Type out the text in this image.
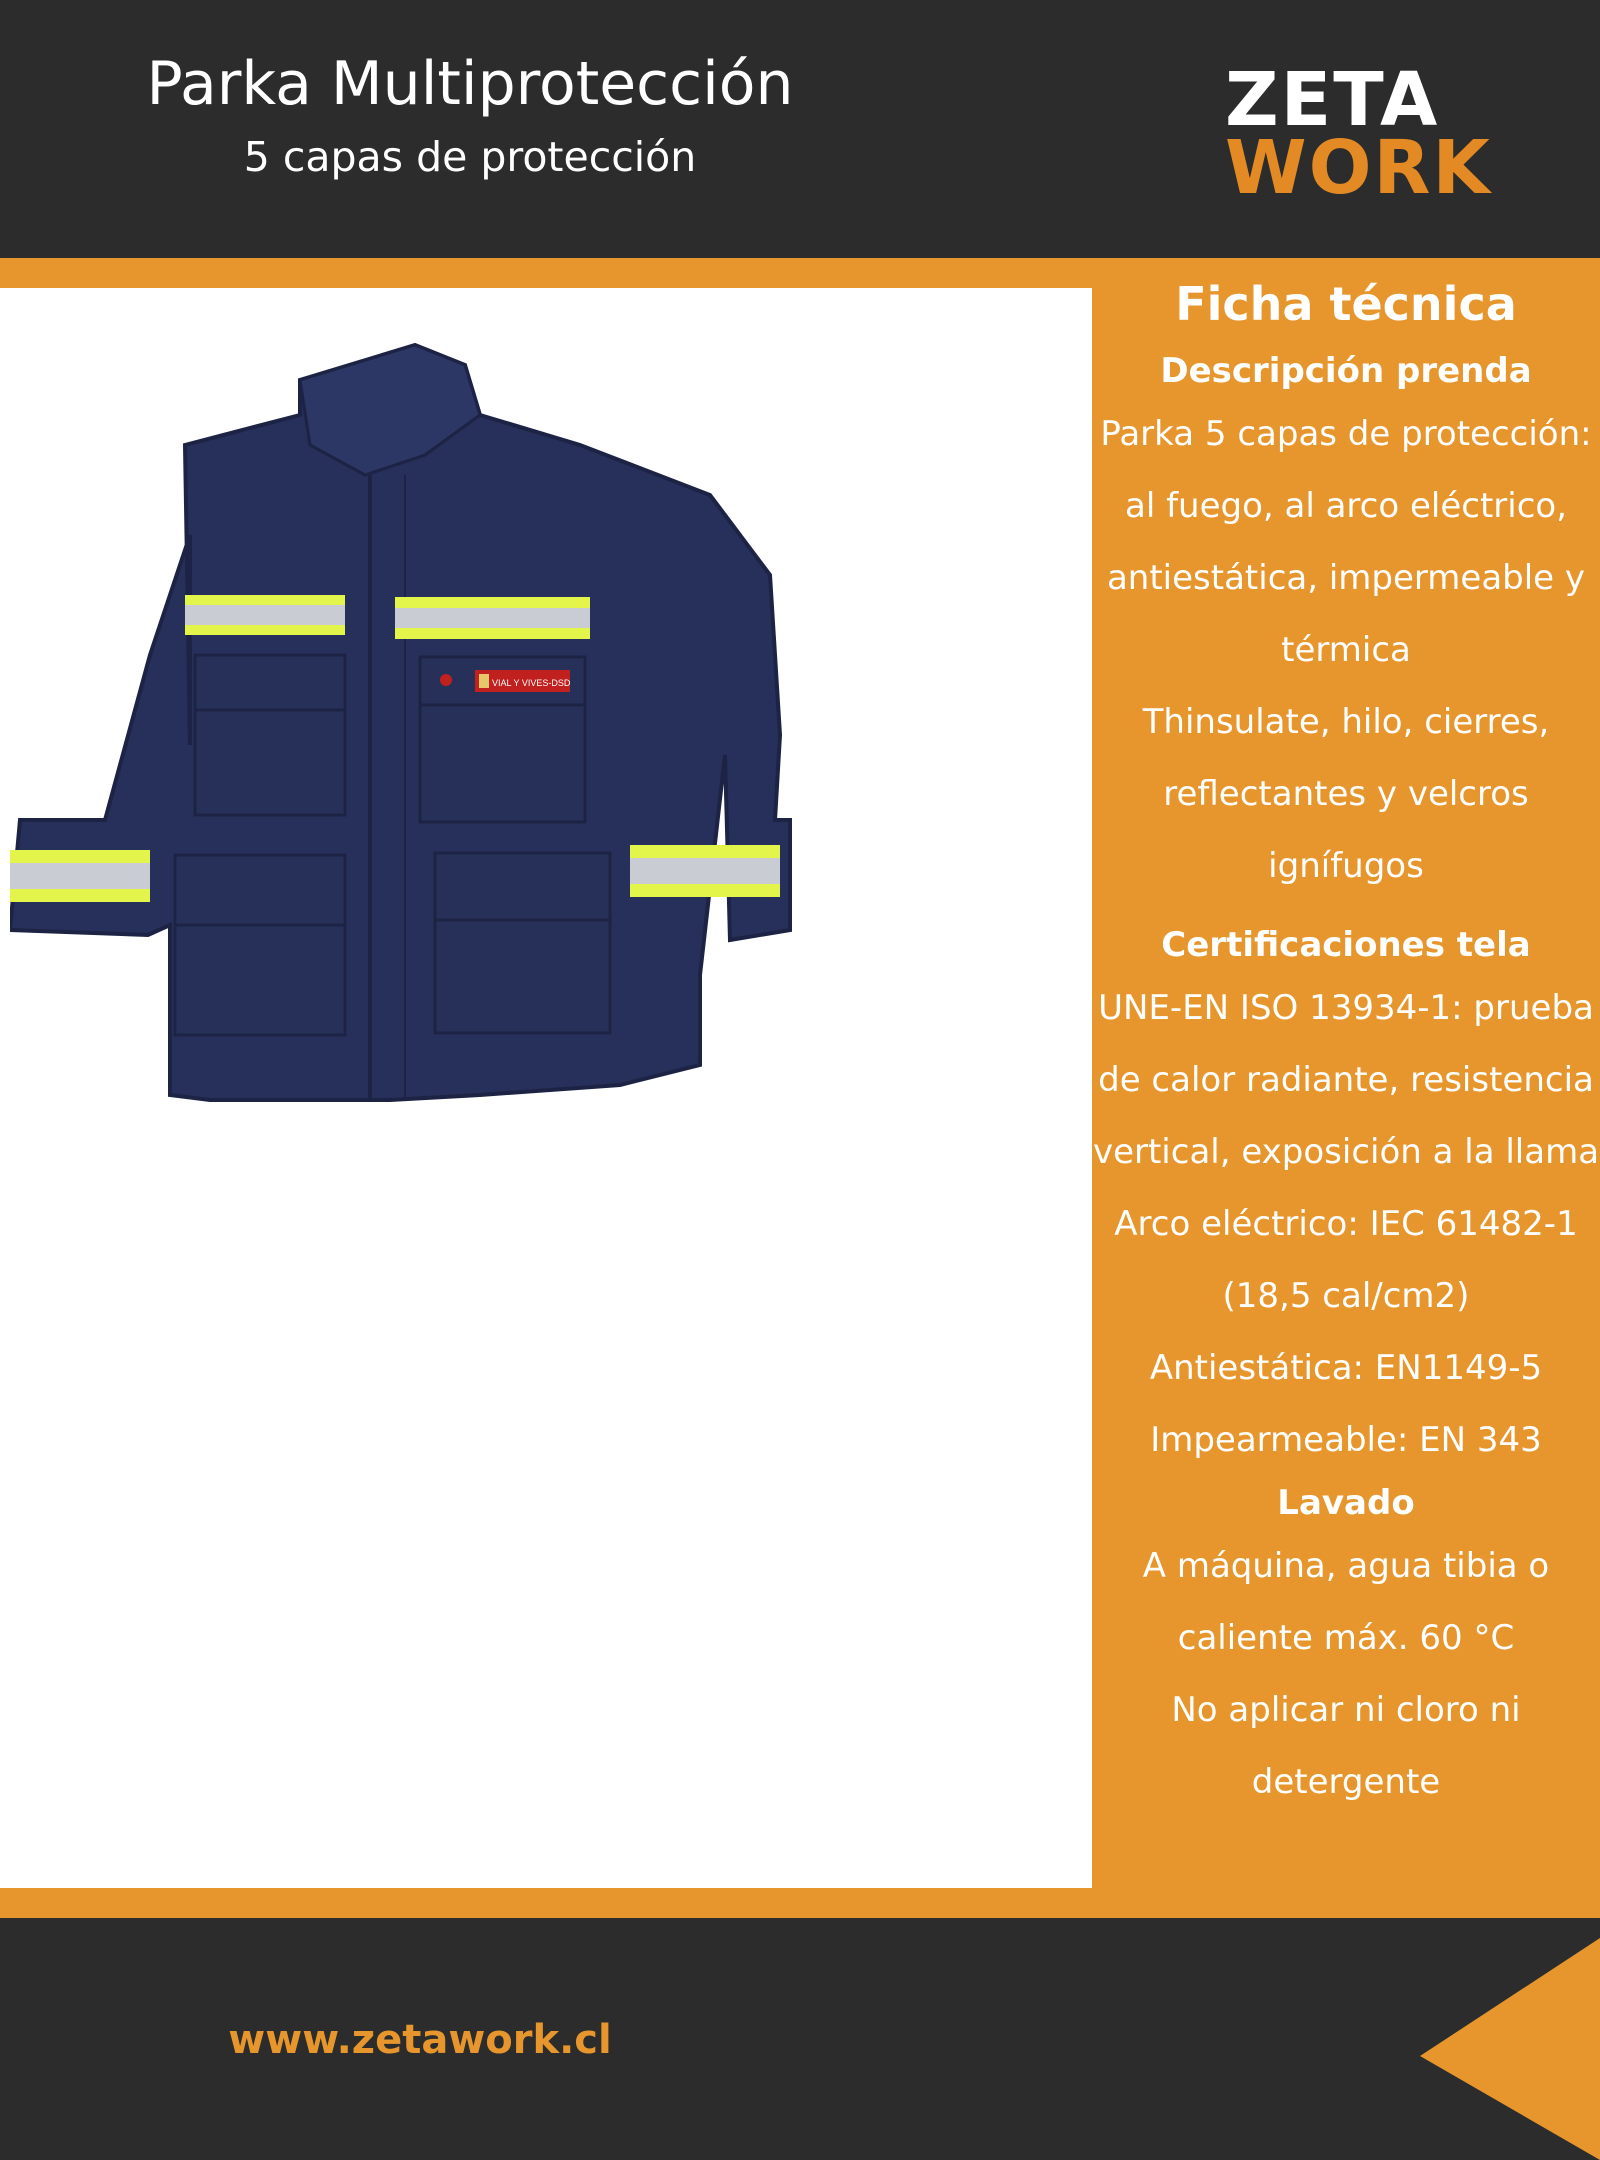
Parka Multiprotección
5 capas de protección
ZETA
WORK
VIAL Y VIVES-DSD
Ficha técnica
Descripción prenda
Parka 5 capas de protección:
al fuego, al arco eléctrico,
antiestática, impermeable y
térmica
Thinsulate, hilo, cierres,
reflectantes y velcros
ignífugos
Certificaciones tela
UNE-EN ISO 13934-1: prueba
de calor radiante, resistencia
vertical, exposición a la llama
Arco eléctrico: IEC 61482-1
(18,5 cal/cm2)
Antiestática: EN1149-5
Impearmeable: EN 343
Lavado
A máquina, agua tibia o
caliente máx. 60 °C
No aplicar ni cloro ni
detergente
www.zetawork.cl
